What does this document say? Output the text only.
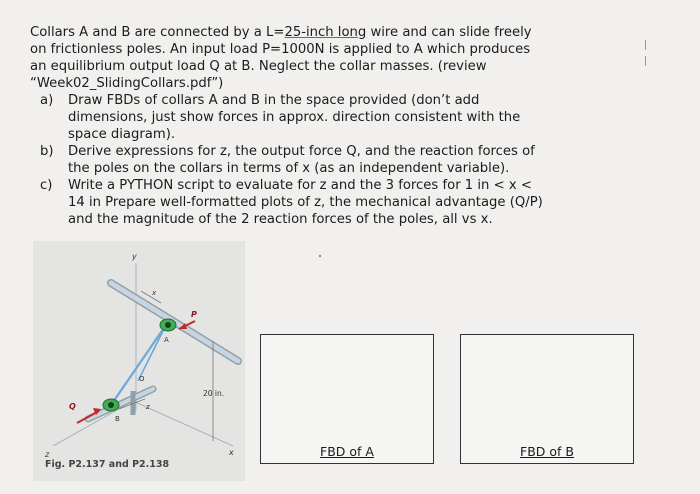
Collars A and B are connected by a L=25-inch long wire and can slide freely on frictionless poles. An input load P=1000N is applied to A which produces an equilibrium output load Q at B. Neglect the collar masses. (review “Week02_SlidingCollars.pdf”)

a) Draw FBDs of collars A and B in the space provided (don’t add dimensions, just show forces in approx. direction consistent with the space diagram).
b) Derive expressions for z, the output force Q, and the reaction forces of the poles on the collars in terms of x (as an independent variable).
c) Write a PYTHON script to evaluate for z and the 3 forces for 1 in < x < 14 in Prepare well-formatted plots of z, the mechanical advantage (Q/P) and the magnitude of the 2 reaction forces of the poles, all vs x.
y
x
z
x
z
P
Q
A
B
O
20 in.
Fig. P2.137 and P2.138
FBD of A	FBD of B
